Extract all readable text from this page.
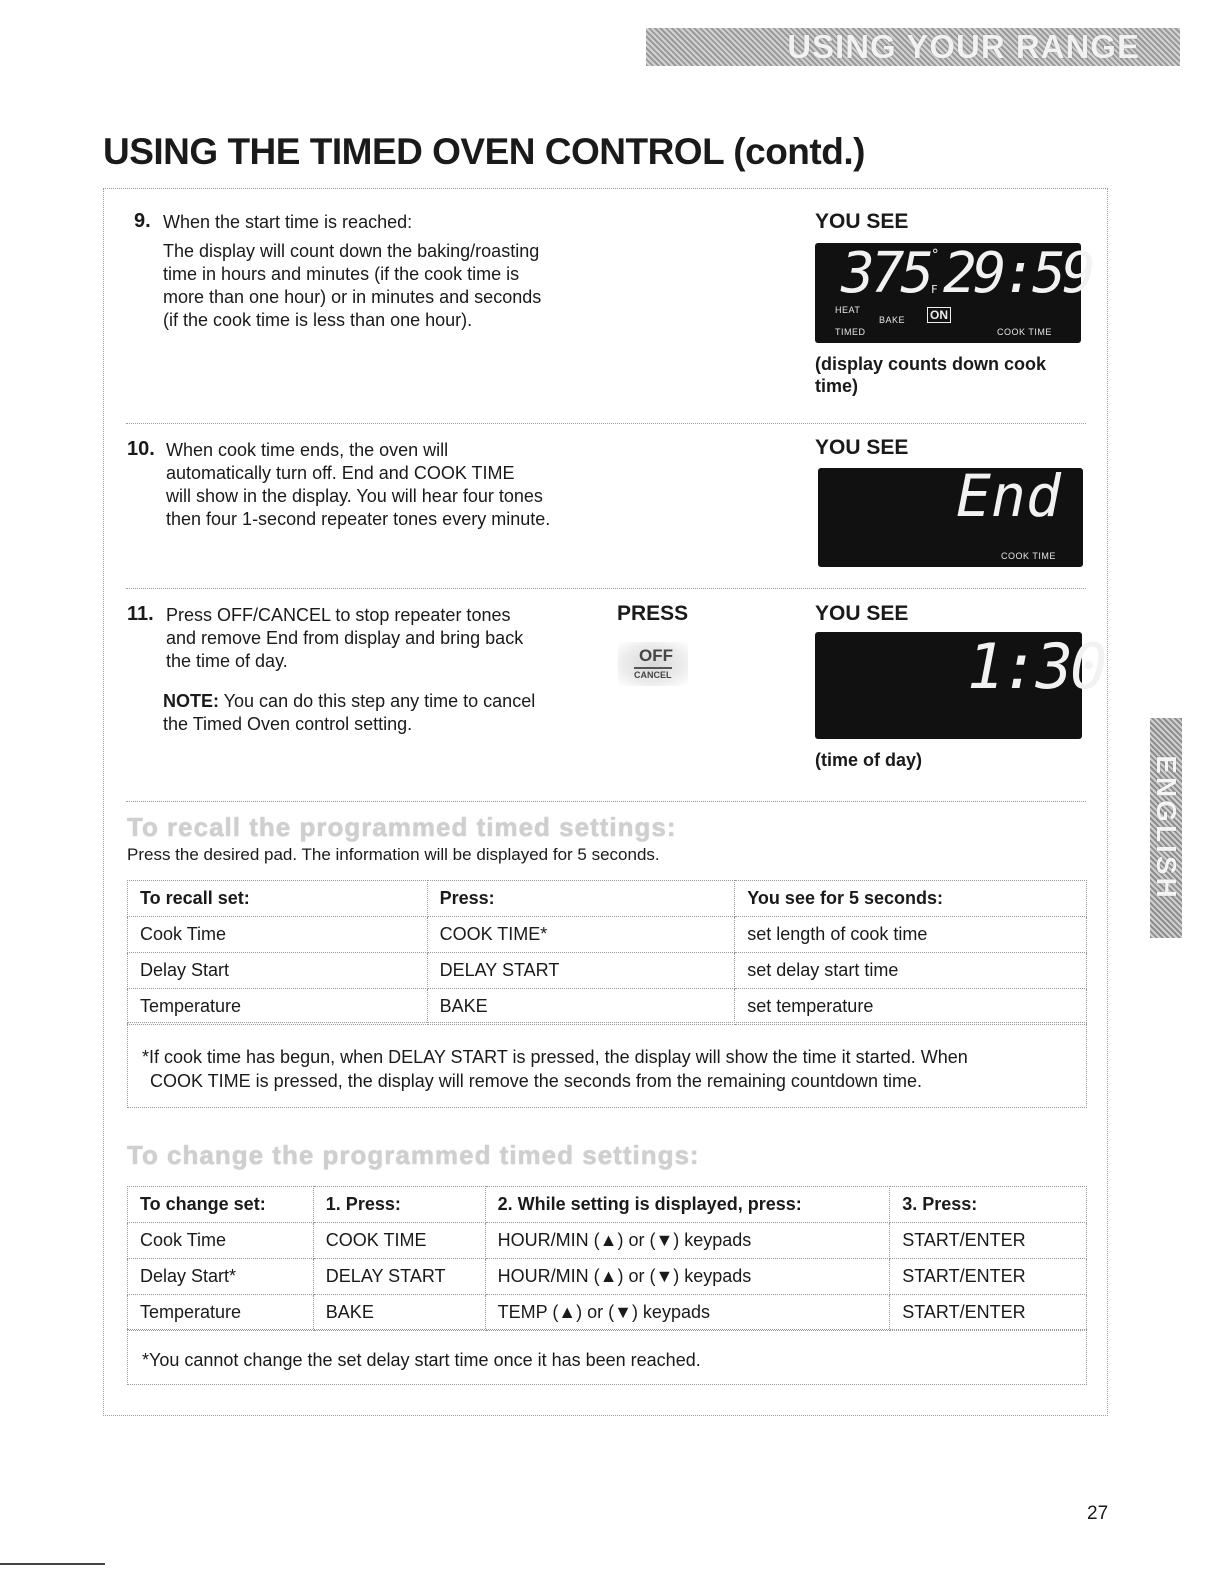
USING YOUR RANGE
USING THE TIMED OVEN CONTROL (contd.)
9. When the start time is reached:
The display will count down the baking/roasting
time in hours and minutes (if the cook time is
more than one hour) or in minutes and seconds
(if the cook time is less than one hour).
YOU SEE
375 °
F 29:59
HEAT
TIMED
BAKE ON
COOK TIME
(display counts down cook time)
10. When cook time ends, the oven will
automatically turn off. End and COOK TIME
will show in the display. You will hear four tones
then four 1-second repeater tones every minute.
YOU SEE
End
COOK TIME
11. Press OFF/CANCEL to stop repeater tones
and remove End from display and bring back
the time of day.
NOTE: You can do this step any time to cancel
the Timed Oven control setting.
PRESS
OFF
CANCEL
YOU SEE
1:30
(time of day)
To recall the programmed timed settings:
Press the desired pad. The information will be displayed for 5 seconds.
To recall set:	Press:	You see for 5 seconds:
Cook Time	COOK TIME*	set length of cook time
Delay Start	DELAY START	set delay start time
Temperature	BAKE	set temperature
*If cook time has begun, when DELAY START is pressed, the display will show the time it started. When
COOK TIME is pressed, the display will remove the seconds from the remaining countdown time.
To change the programmed timed settings:
To change set:	1. Press:	2. While setting is displayed, press:	3. Press:
Cook Time	COOK TIME	HOUR/MIN (▲) or (▼) keypads	START/ENTER
Delay Start*	DELAY START	HOUR/MIN (▲) or (▼) keypads	START/ENTER
Temperature	BAKE	TEMP (▲) or (▼) keypads	START/ENTER
*You cannot change the set delay start time once it has been reached.
ENGLISH
27
